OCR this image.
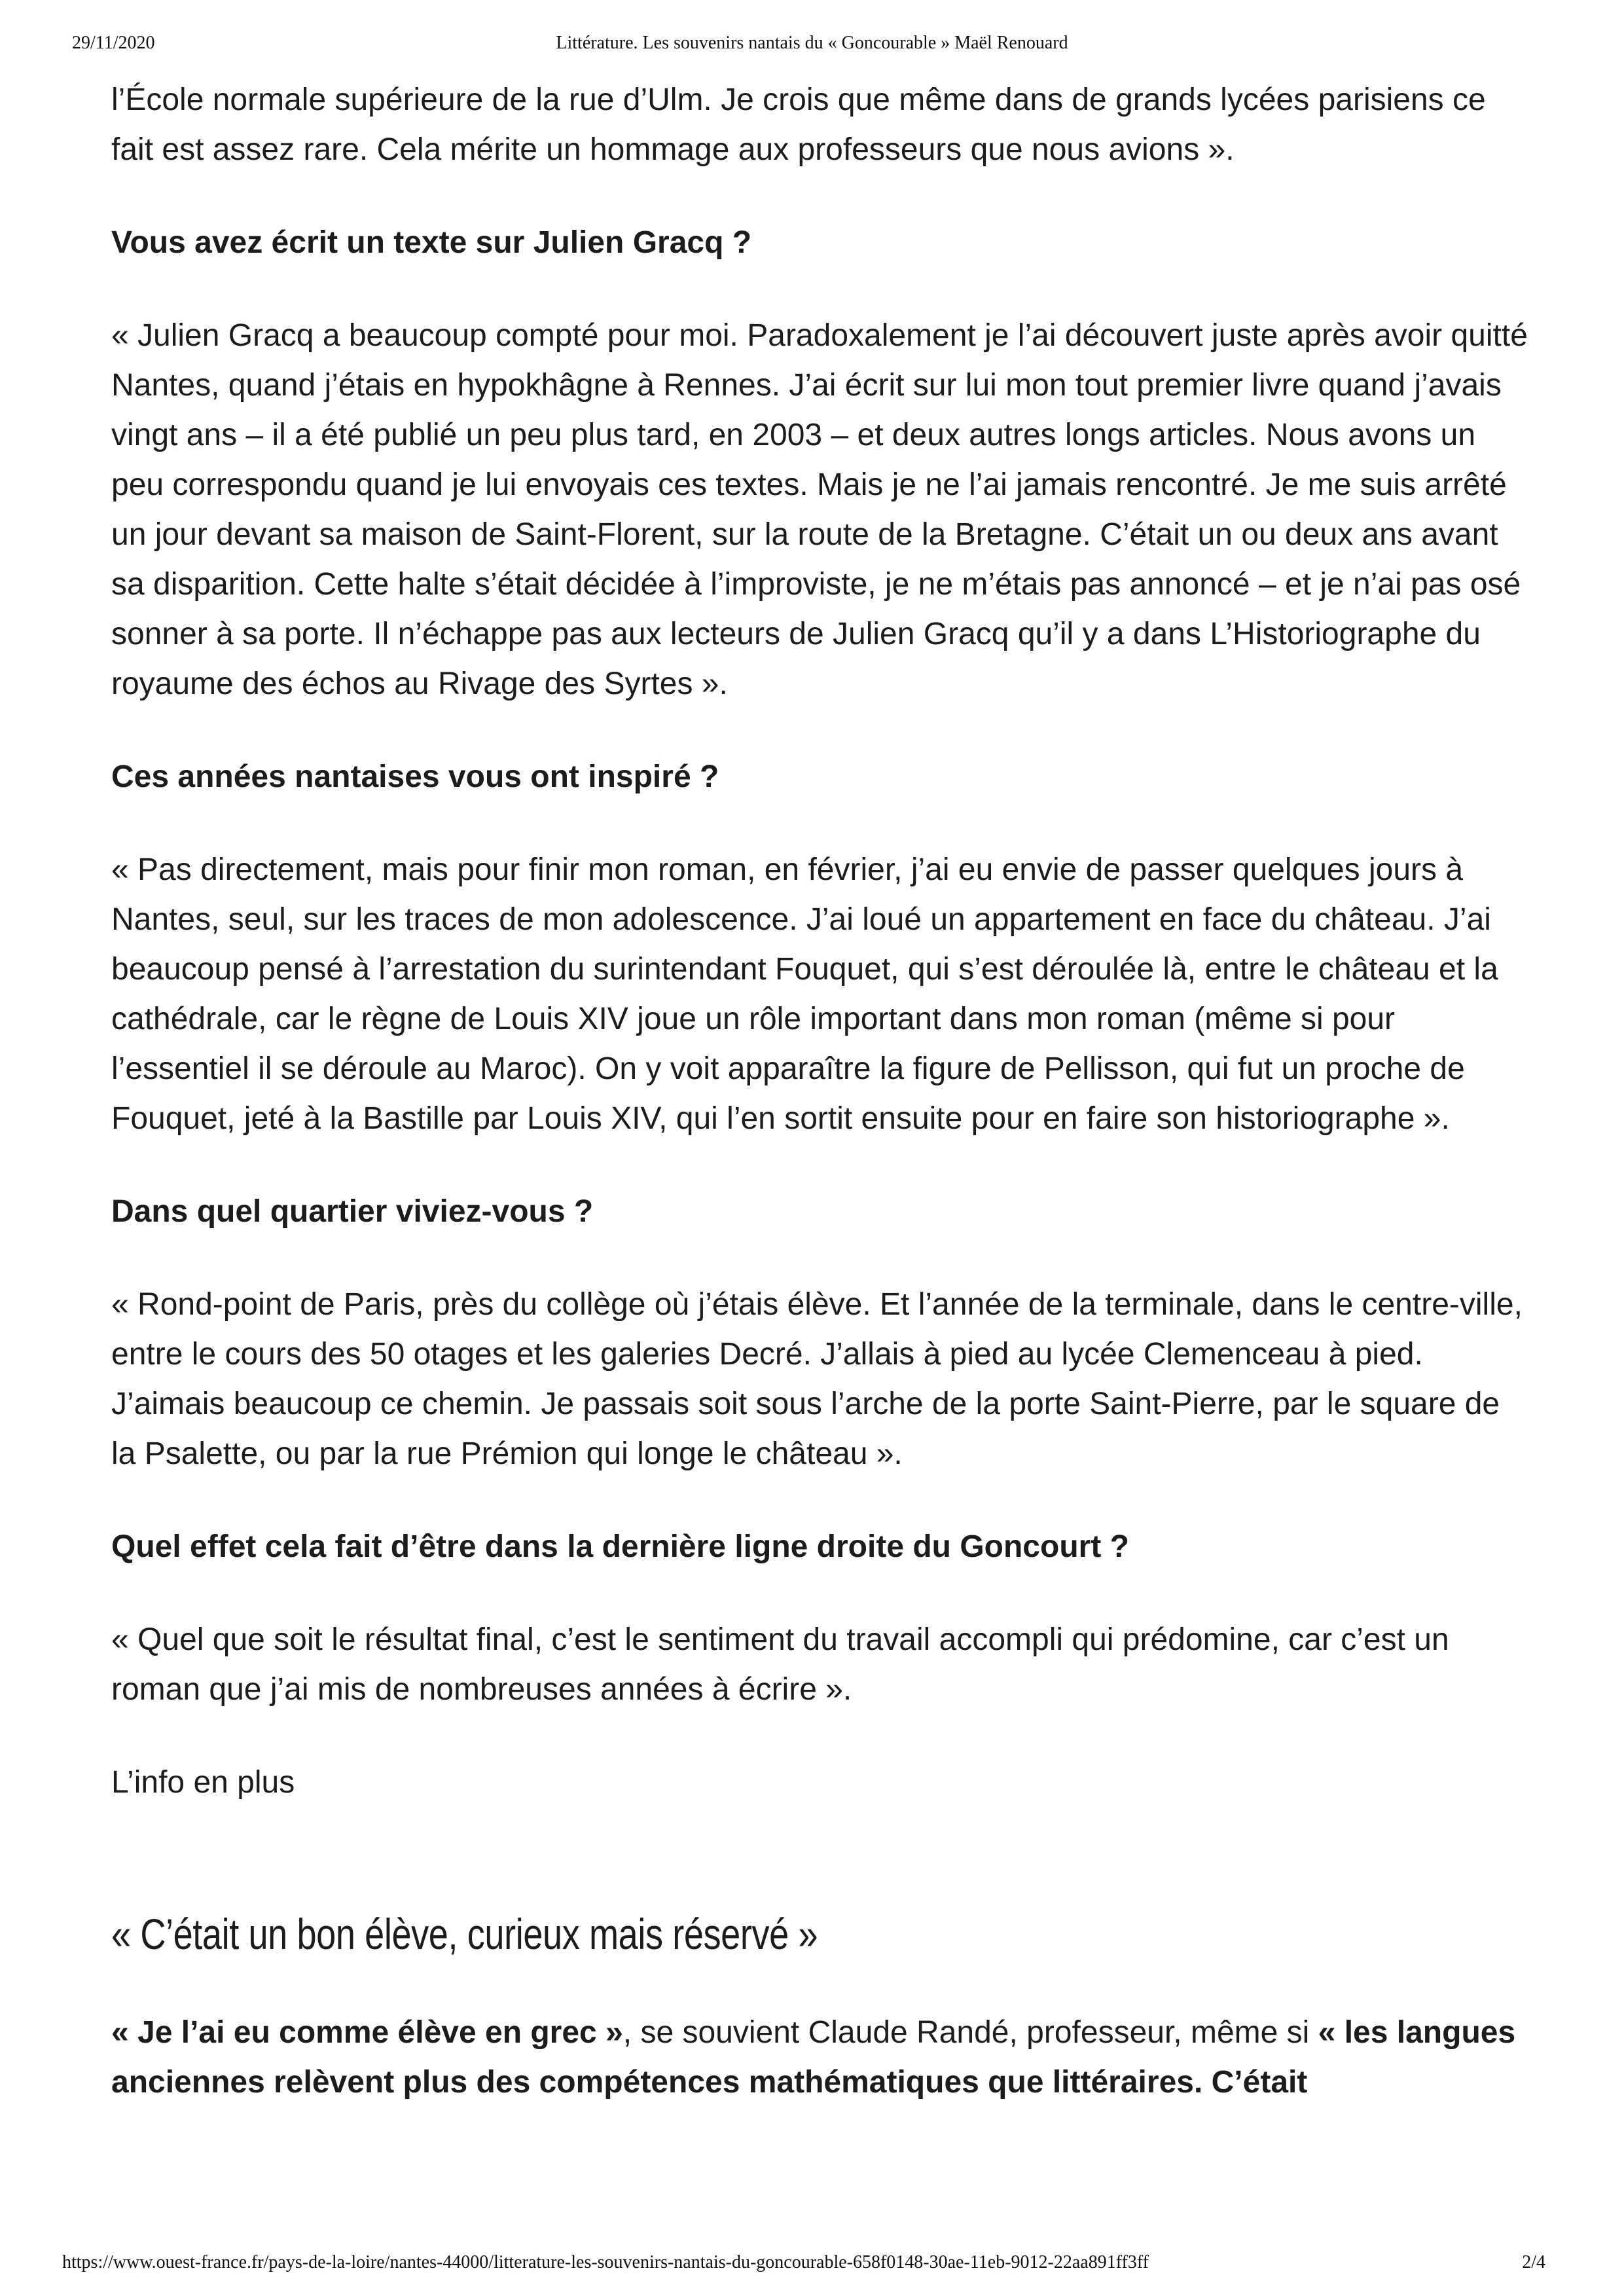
29/11/2020	Littérature. Les souvenirs nantais du « Goncourable » Maël Renouard

l’École normale supérieure de la rue d’Ulm. Je crois que même dans de grands lycées parisiens ce fait est assez rare. Cela mérite un hommage aux professeurs que nous avions ».

Vous avez écrit un texte sur Julien Gracq ?

« Julien Gracq a beaucoup compté pour moi. Paradoxalement je l’ai découvert juste après avoir quitté Nantes, quand j’étais en hypokhâgne à Rennes. J’ai écrit sur lui mon tout premier livre quand j’avais vingt ans – il a été publié un peu plus tard, en 2003 – et deux autres longs articles. Nous avons un peu correspondu quand je lui envoyais ces textes. Mais je ne l’ai jamais rencontré. Je me suis arrêté un jour devant sa maison de Saint-Florent, sur la route de la Bretagne. C’était un ou deux ans avant sa disparition. Cette halte s’était décidée à l’improviste, je ne m’étais pas annoncé – et je n’ai pas osé sonner à sa porte. Il n’échappe pas aux lecteurs de Julien Gracq qu’il y a dans L’Historiographe du royaume des échos au Rivage des Syrtes ».

Ces années nantaises vous ont inspiré ?

« Pas directement, mais pour finir mon roman, en février, j’ai eu envie de passer quelques jours à Nantes, seul, sur les traces de mon adolescence. J’ai loué un appartement en face du château. J’ai beaucoup pensé à l’arrestation du surintendant Fouquet, qui s’est déroulée là, entre le château et la cathédrale, car le règne de Louis XIV joue un rôle important dans mon roman (même si pour l’essentiel il se déroule au Maroc). On y voit apparaître la figure de Pellisson, qui fut un proche de Fouquet, jeté à la Bastille par Louis XIV, qui l’en sortit ensuite pour en faire son historiographe ».

Dans quel quartier viviez-vous ?

« Rond-point de Paris, près du collège où j’étais élève. Et l’année de la terminale, dans le centre-ville, entre le cours des 50 otages et les galeries Decré. J’allais à pied au lycée Clemenceau à pied. J’aimais beaucoup ce chemin. Je passais soit sous l’arche de la porte Saint-Pierre, par le square de la Psalette, ou par la rue Prémion qui longe le château ».

Quel effet cela fait d’être dans la dernière ligne droite du Goncourt ?

« Quel que soit le résultat final, c’est le sentiment du travail accompli qui prédomine, car c’est un roman que j’ai mis de nombreuses années à écrire ».

L’info en plus

« C’était un bon élève, curieux mais réservé »

« Je l’ai eu comme élève en grec », se souvient Claude Randé, professeur, même si « les langues anciennes relèvent plus des compétences mathématiques que littéraires. C’était

https://www.ouest-france.fr/pays-de-la-loire/nantes-44000/litterature-les-souvenirs-nantais-du-goncourable-658f0148-30ae-11eb-9012-22aa891ff3ff	2/4
